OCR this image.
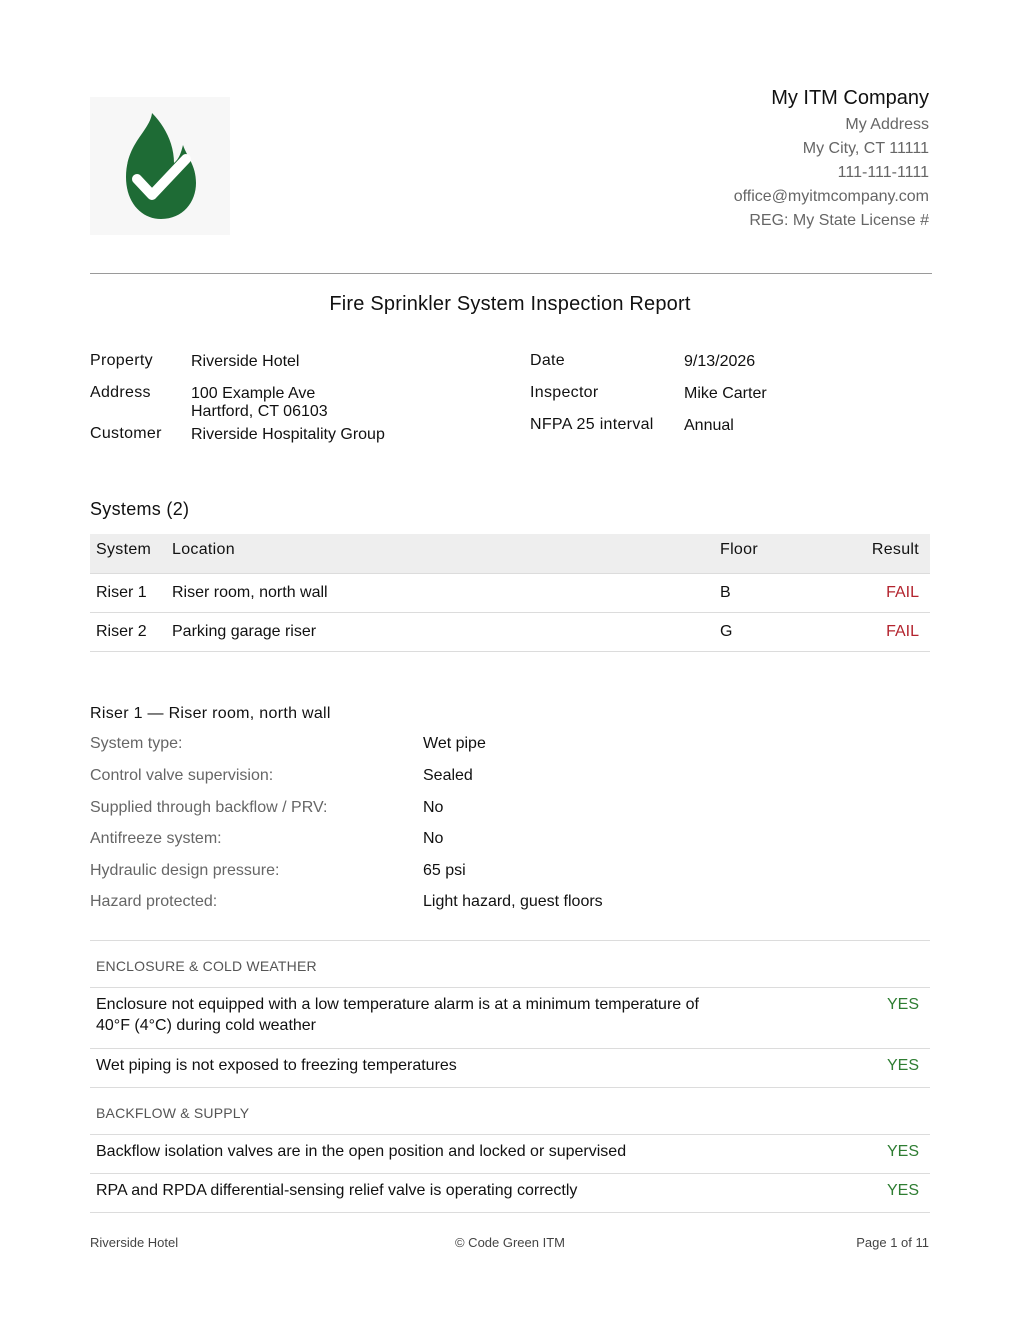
My ITM Company
My Address
My City, CT 11111
111-111-1111
office@myitmcompany.com
REG: My State License #
Fire Sprinkler System Inspection Report
Property Riverside Hotel
Address	100 Example Ave
Hartford, CT 06103
Customer Riverside Hospitality Group
Date	9/13/2026
Inspector	Mike Carter
NFPA 25 interval Annual
Systems (2)
System Location	Floor	Result
Riser 1 Riser room, north wall	B	FAIL
Riser 2 Parking garage riser	G	FAIL
Riser 1 — Riser room, north wall
System type:	Wet pipe
Control valve supervision:	Sealed
Supplied through backflow / PRV:	No
Antifreeze system:	No
Hydraulic design pressure:	65 psi
Hazard protected:	Light hazard, guest floors
ENCLOSURE & COLD WEATHER
Enclosure not equipped with a low temperature alarm is at a minimum temperature of 40°F (4°C) during cold weather
YES
Wet piping is not exposed to freezing temperatures	YES
BACKFLOW & SUPPLY
Backflow isolation valves are in the open position and locked or supervised	YES
RPA and RPDA differential-sensing relief valve is operating correctly	YES
Riverside Hotel	© Code Green ITM	Page 1 of 11
